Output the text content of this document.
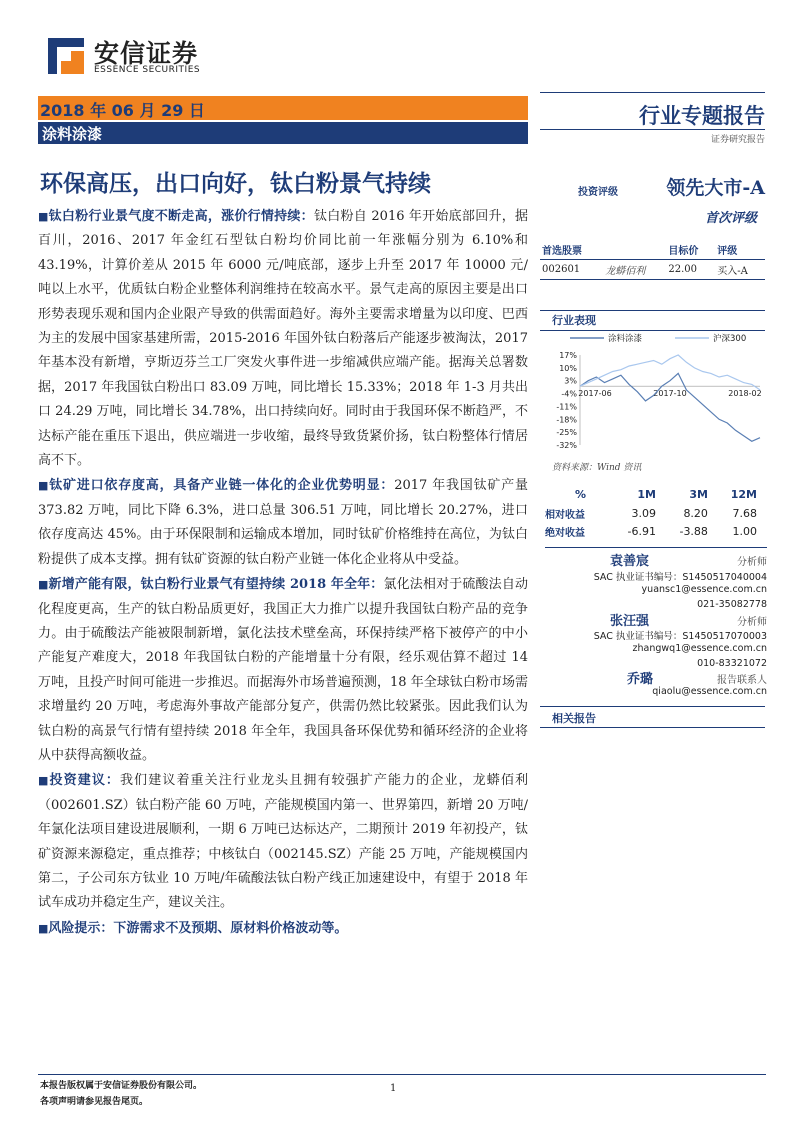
安信证券
ESSENCE SECURITIES
2018 年 06 月 29 日
涂料涂漆
行业专题报告
证券研究报告
环保高压，出口向好，钛白粉景气持续

■钛白粉行业景气度不断走高，涨价行情持续：钛白粉自 2016 年开始底部回升，据百川，2016、2017 年金红石型钛白粉均价同比前一年涨幅分别为 6.10%和 43.19%，计算价差从 2015 年 6000 元/吨底部，逐步上升至 2017 年 10000 元/吨以上水平，优质钛白粉企业整体利润维持在较高水平。景气走高的原因主要是出口形势表现乐观和国内企业限产导致的供需面趋好。海外主要需求增量为以印度、巴西为主的发展中国家基建所需，2015-2016 年国外钛白粉落后产能逐步被淘汰，2017 年基本没有新增，亨斯迈芬兰工厂突发火事件进一步缩减供应端产能。据海关总署数据，2017 年我国钛白粉出口 83.09 万吨，同比增长 15.33%；2018 年 1-3 月共出口 24.29 万吨，同比增长 34.78%，出口持续向好。同时由于我国环保不断趋严，不达标产能在重压下退出，供应端进一步收缩，最终导致货紧价扬，钛白粉整体行情居高不下。

■钛矿进口依存度高，具备产业链一体化的企业优势明显：2017 年我国钛矿产量 373.82 万吨，同比下降 6.3%，进口总量 306.51 万吨，同比增长 20.27%，进口依存度高达 45%。由于环保限制和运输成本增加，同时钛矿价格维持在高位，为钛白粉提供了成本支撑。拥有钛矿资源的钛白粉产业链一体化企业将从中受益。

■新增产能有限，钛白粉行业景气有望持续 2018 年全年：氯化法相对于硫酸法自动化程度更高，生产的钛白粉品质更好，我国正大力推广以提升我国钛白粉产品的竞争力。由于硫酸法产能被限制新增，氯化法技术壁垒高，环保持续严格下被停产的中小产能复产难度大，2018 年我国钛白粉的产能增量十分有限，经乐观估算不超过 14 万吨，且投产时间可能进一步推迟。而据海外市场普遍预测，18 年全球钛白粉市场需求增量约 20 万吨，考虑海外事故产能部分复产，供需仍然比较紧张。因此我们认为钛白粉的高景气行情有望持续 2018 年全年，我国具备环保优势和循环经济的企业将从中获得高额收益。

■投资建议：我们建议着重关注行业龙头且拥有较强扩产能力的企业，龙蟒佰利（002601.SZ）钛白粉产能 60 万吨，产能规模国内第一、世界第四，新增 20 万吨/年氯化法项目建设进展顺利，一期 6 万吨已达标达产，二期预计 2019 年初投产，钛矿资源来源稳定，重点推荐；中核钛白（002145.SZ）产能 25 万吨，产能规模国内第二，子公司东方钛业 10 万吨/年硫酸法钛白粉产线正加速建设中，有望于 2018 年试车成功并稳定生产，建议关注。

■风险提示：下游需求不及预期、原材料价格波动等。

投资评级	领先大市-A
首次评级
首选股票		目标价	评级
002601	龙蟒佰利	22.00	买入-A
行业表现
涂料涂漆	沪深300
17%
10%
3%
-4%
-11%
-18%
-25%
-32%
2017-06	2017-10	2018-02
资料来源：Wind 资讯
%	1M	3M	12M
相对收益	3.09	8.20	7.68
绝对收益	-6.91	-3.88	1.00
袁善宸	分析师
SAC 执业证书编号：S1450517040004
yuansc1@essence.com.cn
021-35082778
张汪强	分析师
SAC 执业证书编号：S1450517070003
zhangwq1@essence.com.cn
010-83321072
乔璐	报告联系人
qiaolu@essence.com.cn
相关报告
本报告版权属于安信证券股份有限公司。
各项声明请参见报告尾页。
1
